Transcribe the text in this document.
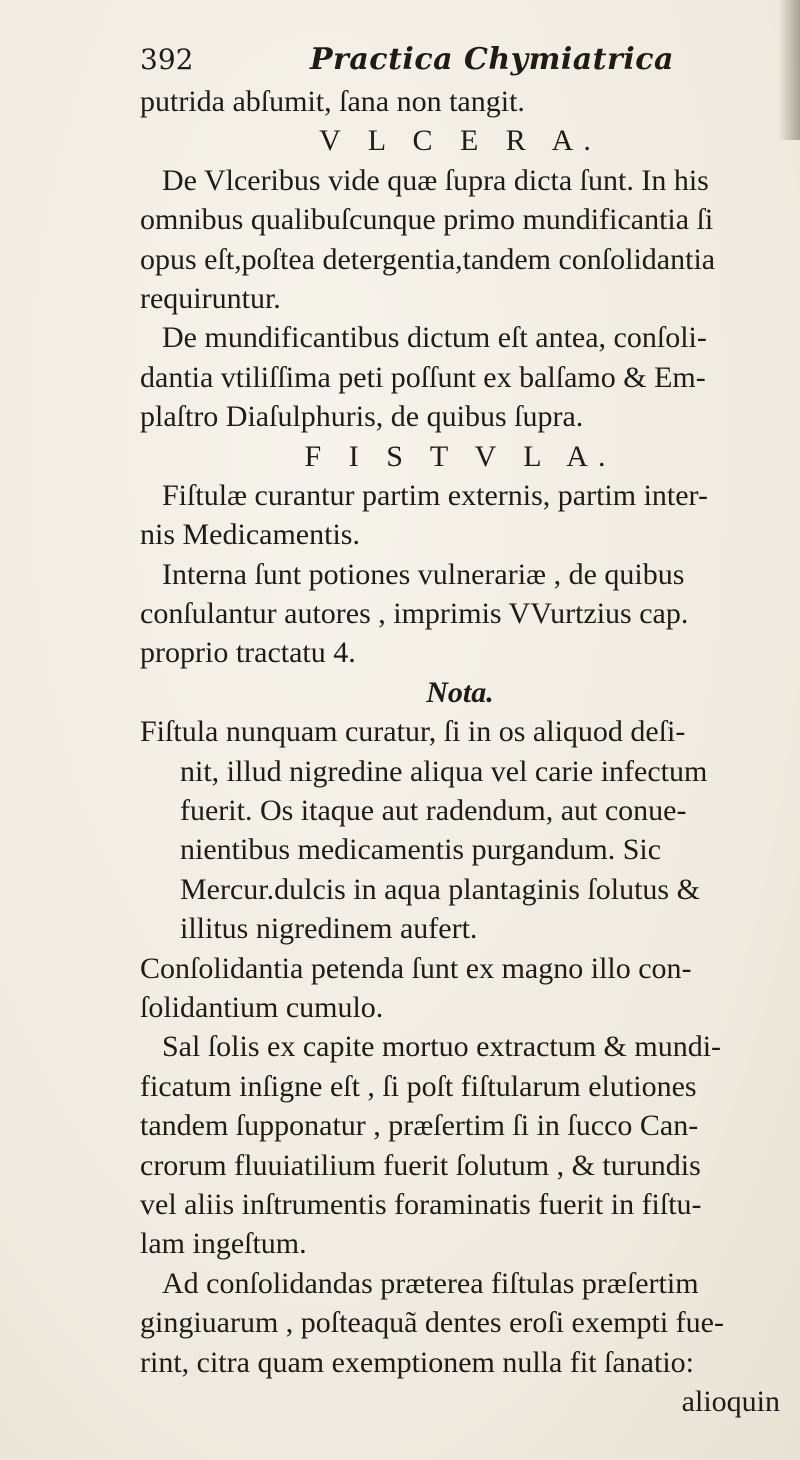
392	Practica Chymiatrica
putrida abſumit, ſana non tangit.
V L C E R A.
De Vlceribus vide quæ ſupra dicta ſunt. In his
omnibus qualibuſcunque primo mundificantia ſi
opus eſt,poſtea detergentia,tandem conſolidantia
requiruntur.
De mundificantibus dictum eſt antea, conſoli-
dantia vtiliſſima peti poſſunt ex balſamo & Em-
plaſtro Diaſulphuris, de quibus ſupra.
F I S T V L A.
Fiſtulæ curantur partim externis, partim inter-
nis Medicamentis.
Interna ſunt potiones vulnerariæ , de quibus
conſulantur autores , imprimis VVurtzius cap.
proprio tractatu 4.
Nota.
Fiſtula nunquam curatur, ſi in os aliquod deſi-
nit, illud nigredine aliqua vel carie infectum
fuerit. Os itaque aut radendum, aut conue-
nientibus medicamentis purgandum. Sic
Mercur.dulcis in aqua plantaginis ſolutus &
illitus nigredinem aufert.
Conſolidantia petenda ſunt ex magno illo con-
ſolidantium cumulo.
Sal ſolis ex capite mortuo extractum & mundi-
ficatum inſigne eſt , ſi poſt fiſtularum elutiones
tandem ſupponatur , præſertim ſi in ſucco Can-
crorum fluuiatilium fuerit ſolutum , & turundis
vel aliis inſtrumentis foraminatis fuerit in fiſtu-
lam ingeſtum.
Ad conſolidandas præterea fiſtulas præſertim
gingiuarum , poſteaquã dentes eroſi exempti fue-
rint, citra quam exemptionem nulla fit ſanatio:
alioquin
